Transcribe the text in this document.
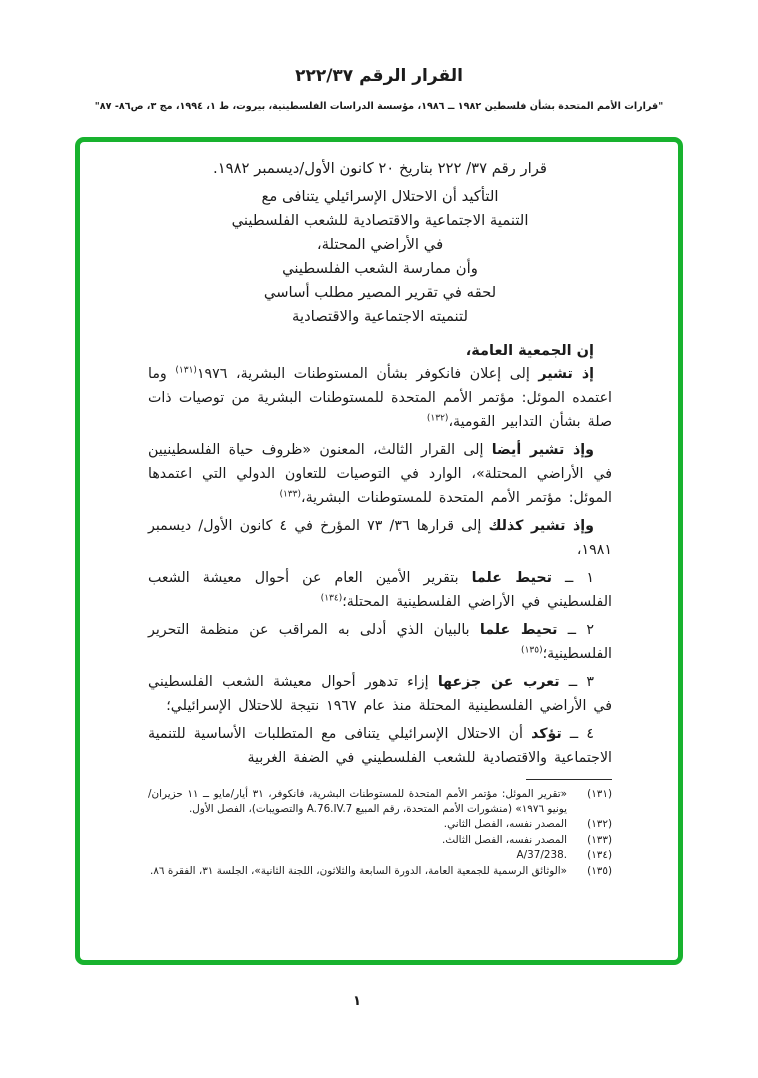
القرار الرقم ٣٧‏/٢٢٢
"قرارات الأمم المتحدة بشأن فلسطين ١٩٨٢ ــ ١٩٨٦، مؤسسة الدراسات الفلسطينية، بيروت، ط ١، ١٩٩٤، مج ٣، ص٨٦- ٨٧"
قرار رقم ٣٧/ ٢٢٢ بتاريخ ٢٠ كانون الأول/ديسمبر ١٩٨٢.
التأكيد أن الاحتلال الإسرائيلي يتنافى مع
التنمية الاجتماعية والاقتصادية للشعب الفلسطيني
في الأراضي المحتلة،
وأن ممارسة الشعب الفلسطيني
لحقه في تقرير المصير مطلب أساسي
لتنميته الاجتماعية والاقتصادية
إن الجمعية العامة،

إذ تشير إلى إعلان فانكوفر بشأن المستوطنات البشرية، ١٩٧٦$^{(١٣١)}$ وما اعتمده الموئل: مؤتمر الأمم المتحدة للمستوطنات البشرية من توصيات ذات صلة بشأن التدابير القومية،$^{(١٣٢)}$

وإذ تشير أيضا إلى القرار الثالث، المعنون «ظروف حياة الفلسطينيين في الأراضي المحتلة»، الوارد في التوصيات للتعاون الدولي التي اعتمدها الموئل: مؤتمر الأمم المتحدة للمستوطنات البشرية،$^{(١٣٣)}$

وإذ تشير كذلك إلى قرارها ٣٦/ ٧٣ المؤرخ في ٤ كانون الأول/ ديسمبر ١٩٨١،

١ ــ تحيط علما بتقرير الأمين العام عن أحوال معيشة الشعب الفلسطيني في الأراضي الفلسطينية المحتلة؛$^{(١٣٤)}$

٢ ــ تحيط علما بالبيان الذي أدلى به المراقب عن منظمة التحرير الفلسطينية؛$^{(١٣٥)}$

٣ ــ تعرب عن جزعها إزاء تدهور أحوال معيشة الشعب الفلسطيني في الأراضي الفلسطينية المحتلة منذ عام ١٩٦٧ نتيجة للاحتلال الإسرائيلي؛

٤ ــ تؤكد أن الاحتلال الإسرائيلي يتنافى مع المتطلبات الأساسية للتنمية الاجتماعية والاقتصادية للشعب الفلسطيني في الضفة الغربية

(١٣١)
«تقرير الموئل: مؤتمر الأمم المتحدة للمستوطنات البشرية، فانكوفر، ٣١ أيار/مايو ــ ١١ حزيران/يونيو ١٩٧٦» (منشورات الأمم المتحدة، رقم المبيع A.76.IV.7 والتصويبات)، الفصل الأول.
(١٣٢)
المصدر نفسه، الفصل الثاني.
(١٣٣)
المصدر نفسه، الفصل الثالث.
(١٣٤)
A/37/238.‎
(١٣٥)
«الوثائق الرسمية للجمعية العامة، الدورة السابعة والثلاثون، اللجنة الثانية»، الجلسة ٣١، الفقرة ٨٦.
١
